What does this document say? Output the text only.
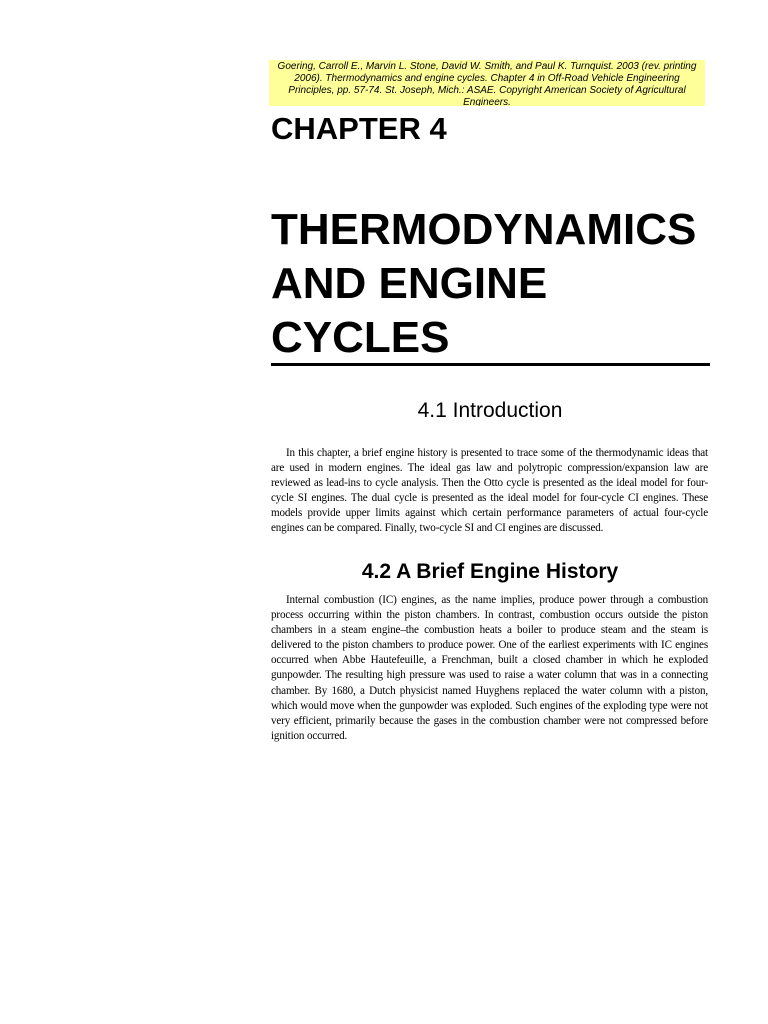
Goering, Carroll E., Marvin L. Stone, David W. Smith, and Paul K. Turnquist. 2003 (rev. printing 2006). Thermodynamics and engine cycles. Chapter 4 in Off-Road Vehicle Engineering Principles, pp. 57-74. St. Joseph, Mich.: ASAE. Copyright American Society of Agricultural Engineers.
CHAPTER 4
THERMODYNAMICS AND ENGINE CYCLES
4.1 Introduction

In this chapter, a brief engine history is presented to trace some of the thermodynamic ideas that are used in modern engines. The ideal gas law and polytropic compression/expansion law are reviewed as lead-ins to cycle analysis. Then the Otto cycle is presented as the ideal model for four-cycle SI engines. The dual cycle is presented as the ideal model for four-cycle CI engines. These models provide upper limits against which certain performance parameters of actual four-cycle engines can be compared. Finally, two-cycle SI and CI engines are discussed.

4.2 A Brief Engine History

Internal combustion (IC) engines, as the name implies, produce power through a combustion process occurring within the piston chambers. In contrast, combustion occurs outside the piston chambers in a steam engine–the combustion heats a boiler to produce steam and the steam is delivered to the piston chambers to produce power. One of the earliest experiments with IC engines occurred when Abbe Hautefeuille, a Frenchman, built a closed chamber in which he exploded gunpowder. The resulting high pressure was used to raise a water column that was in a connecting chamber. By 1680, a Dutch physicist named Huyghens replaced the water column with a piston, which would move when the gunpowder was exploded. Such engines of the exploding type were not very efficient, primarily because the gases in the combustion chamber were not compressed before ignition occurred.
